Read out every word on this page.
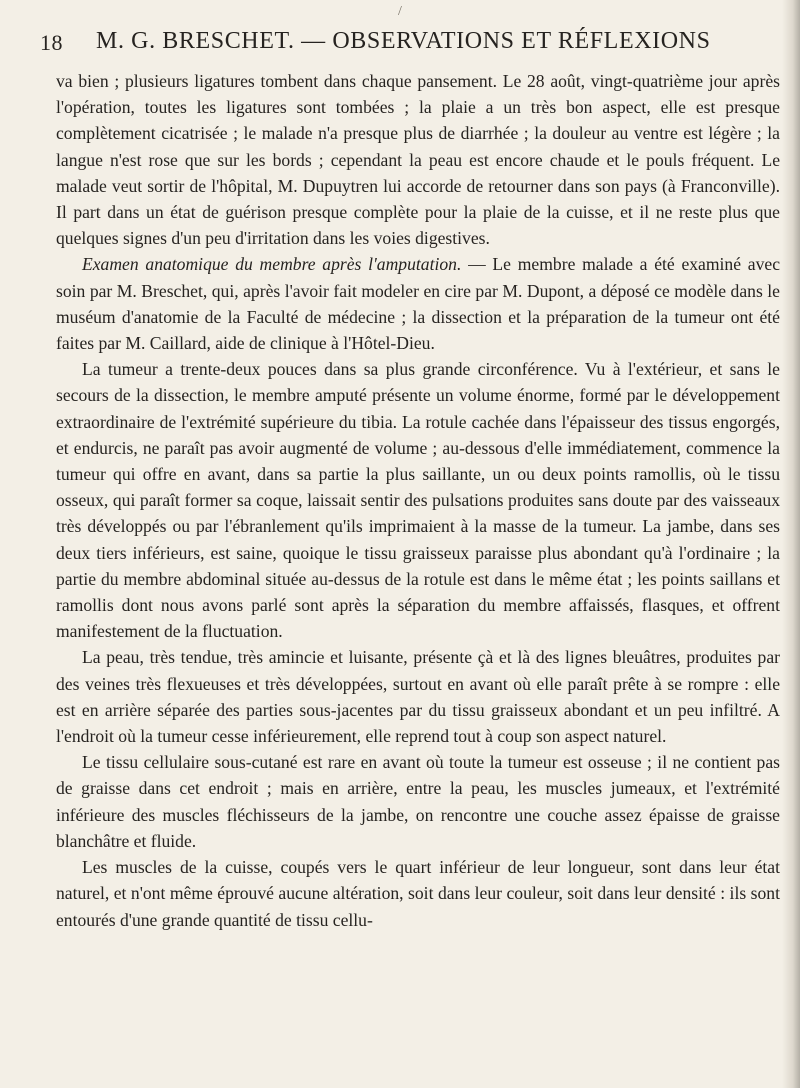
/
18 M. G. BRESCHET. — OBSERVATIONS ET RÉFLEXIONS

va bien ; plusieurs ligatures tombent dans chaque pansement. Le 28 août, vingt-quatrième jour après l'opération, toutes les ligatures sont tombées ; la plaie a un très bon aspect, elle est presque complètement cicatrisée ; le malade n'a presque plus de diarrhée ; la douleur au ventre est légère ; la langue n'est rose que sur les bords ; cependant la peau est encore chaude et le pouls fréquent. Le malade veut sortir de l'hôpital, M. Dupuytren lui accorde de retourner dans son pays (à Franconville). Il part dans un état de guérison presque complète pour la plaie de la cuisse, et il ne reste plus que quelques signes d'un peu d'irritation dans les voies digestives.

Examen anatomique du membre après l'amputation. — Le membre malade a été examiné avec soin par M. Breschet, qui, après l'avoir fait modeler en cire par M. Dupont, a déposé ce modèle dans le muséum d'anatomie de la Faculté de médecine ; la dissection et la préparation de la tumeur ont été faites par M. Caillard, aide de clinique à l'Hôtel-Dieu.

La tumeur a trente-deux pouces dans sa plus grande circonférence. Vu à l'extérieur, et sans le secours de la dissection, le membre amputé présente un volume énorme, formé par le développement extraordinaire de l'extrémité supérieure du tibia. La rotule cachée dans l'épaisseur des tissus engorgés, et endurcis, ne paraît pas avoir augmenté de volume ; au-dessous d'elle immédiatement, commence la tumeur qui offre en avant, dans sa partie la plus saillante, un ou deux points ramollis, où le tissu osseux, qui paraît former sa coque, laissait sentir des pulsations produites sans doute par des vaisseaux très développés ou par l'ébranlement qu'ils imprimaient à la masse de la tumeur. La jambe, dans ses deux tiers inférieurs, est saine, quoique le tissu graisseux paraisse plus abondant qu'à l'ordinaire ; la partie du membre abdominal située au-dessus de la rotule est dans le même état ; les points saillans et ramollis dont nous avons parlé sont après la séparation du membre affaissés, flasques, et offrent manifestement de la fluctuation.

La peau, très tendue, très amincie et luisante, présente çà et là des lignes bleuâtres, produites par des veines très flexueuses et très développées, surtout en avant où elle paraît prête à se rompre : elle est en arrière séparée des parties sous-jacentes par du tissu graisseux abondant et un peu infiltré. A l'endroit où la tumeur cesse inférieurement, elle reprend tout à coup son aspect naturel.

Le tissu cellulaire sous-cutané est rare en avant où toute la tumeur est osseuse ; il ne contient pas de graisse dans cet endroit ; mais en arrière, entre la peau, les muscles jumeaux, et l'extrémité inférieure des muscles fléchisseurs de la jambe, on rencontre une couche assez épaisse de graisse blanchâtre et fluide.

Les muscles de la cuisse, coupés vers le quart inférieur de leur longueur, sont dans leur état naturel, et n'ont même éprouvé aucune altération, soit dans leur couleur, soit dans leur densité : ils sont entourés d'une grande quantité de tissu cellu-
